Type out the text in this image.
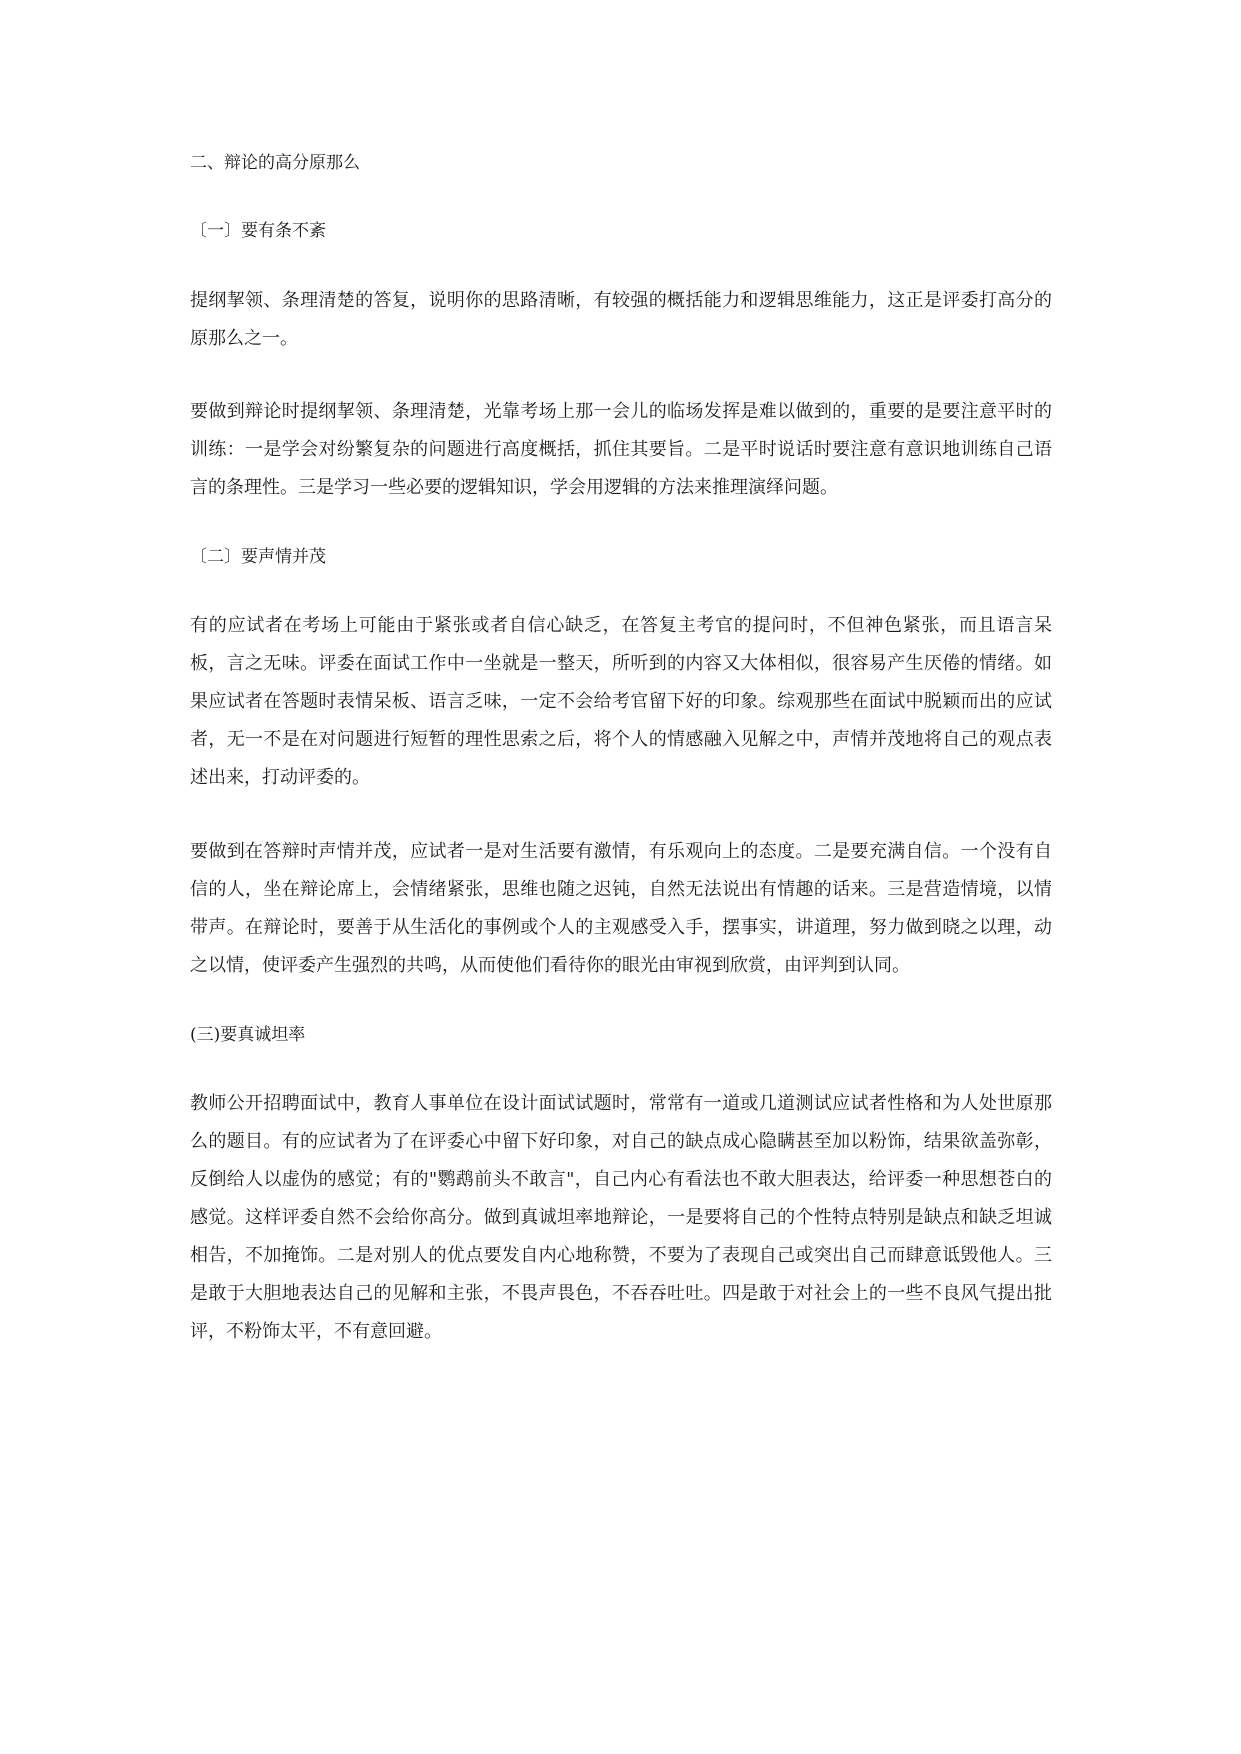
二、辩论的高分原那么

〔一〕要有条不紊

提纲挈领、条理清楚的答复，说明你的思路清晰，有较强的概括能力和逻辑思维能力，这正是评委打高分的原那么之一。

要做到辩论时提纲挈领、条理清楚，光靠考场上那一会儿的临场发挥是难以做到的，重要的是要注意平时的训练：一是学会对纷繁复杂的问题进行高度概括，抓住其要旨。二是平时说话时要注意有意识地训练自己语言的条理性。三是学习一些必要的逻辑知识，学会用逻辑的方法来推理演绎问题。

〔二〕要声情并茂

有的应试者在考场上可能由于紧张或者自信心缺乏，在答复主考官的提问时，不但神色紧张，而且语言呆板，言之无味。评委在面试工作中一坐就是一整天，所听到的内容又大体相似，很容易产生厌倦的情绪。如果应试者在答题时表情呆板、语言乏味，一定不会给考官留下好的印象。综观那些在面试中脱颖而出的应试者，无一不是在对问题进行短暂的理性思索之后，将个人的情感融入见解之中，声情并茂地将自己的观点表述出来，打动评委的。

要做到在答辩时声情并茂，应试者一是对生活要有激情，有乐观向上的态度。二是要充满自信。一个没有自信的人，坐在辩论席上，会情绪紧张，思维也随之迟钝，自然无法说出有情趣的话来。三是营造情境，以情带声。在辩论时，要善于从生活化的事例或个人的主观感受入手，摆事实，讲道理，努力做到晓之以理，动之以情，使评委产生强烈的共鸣，从而使他们看待你的眼光由审视到欣赏，由评判到认同。

(三)要真诚坦率

教师公开招聘面试中，教育人事单位在设计面试试题时，常常有一道或几道测试应试者性格和为人处世原那么的题目。有的应试者为了在评委心中留下好印象，对自己的缺点成心隐瞒甚至加以粉饰，结果欲盖弥彰，反倒给人以虚伪的感觉；有的"鹦鹉前头不敢言"，自己内心有看法也不敢大胆表达，给评委一种思想苍白的感觉。这样评委自然不会给你高分。做到真诚坦率地辩论，一是要将自己的个性特点特别是缺点和缺乏坦诚相告，不加掩饰。二是对别人的优点要发自内心地称赞，不要为了表现自己或突出自己而肆意诋毁他人。三是敢于大胆地表达自己的见解和主张，不畏声畏色，不吞吞吐吐。四是敢于对社会上的一些不良风气提出批评，不粉饰太平，不有意回避。
